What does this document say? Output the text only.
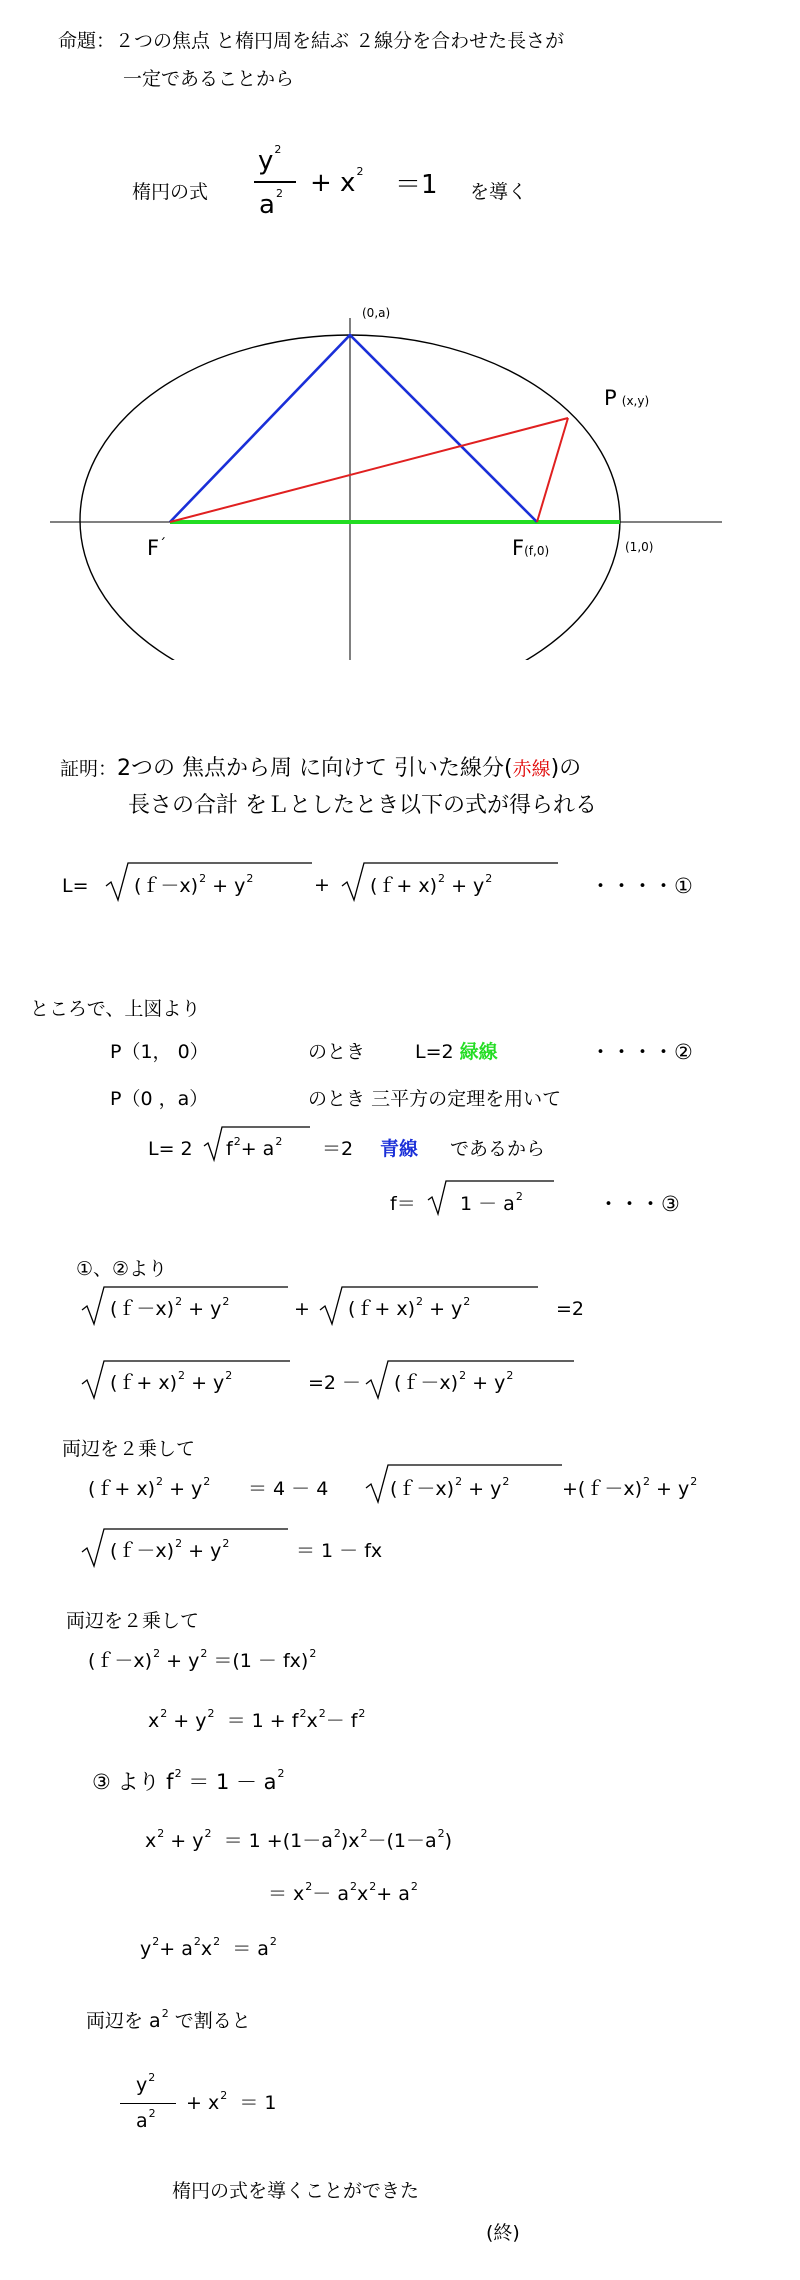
命題：２つの焦点 と楕円周を結ぶ ２線分を合わせた長さが
一定であることから
楕円の式
$y^2$
$a^2 + x^2 =1$ を導く
(0,a)
P (x,y)
F´	F(f,0)	(1,0)
証明：2つの 焦点から周 に向けて 引いた線分(赤線)の
長さの合計 をＬとしたとき以下の式が得られる
L= (ｆ－x)$^2$ + $y^2$	+ (ｆ+ $x)^2 + y^2$	・・・・①
ところで、上図より
P（1， 0）	のとき	L=2 緑線	・・・・②
P（0 ，a）	のとき 三平方の定理を用いて
L= 2 $f^2+ a^2 =2$ 青線 であるから
$f= 1 - a^2$	・・・③
①、②より
(ｆ－x)$^2$ + $y^2$	+ (ｆ+ $x)^2 + y^2$	=2
(ｆ+ $x)^2 + y^2$	=2 － (ｆ－x)$^2$ + $y^2$
両辺を２乗して
(ｆ+ $x)^2 + y^2 = 4 - 4$	(ｆ－x)$^2$ + $y^2$	+(ｆ－x)$^2$ + $y^2$
(ｆ－x)$^2$ + $y^2$	＝ 1 － fx
両辺を２乗して
(ｆ－x)$^2$ + $y^2 =(1 - fx)^2$
$x^2 + y^2 = 1 + f^2x^2- f^2$
③ より $f^2 = 1 - a^2$
$x^2 + y^2 = 1 +(1-a^2)x^2-(1-a^2)$
＝ $x^2- a^2x^2+ a^2$
$y^2+ a^2x^2 = a^2$
両辺を $a^2$ で割ると
$y^2$
$a^2 + x^2 = 1$
楕円の式を導くことができた
(終)
